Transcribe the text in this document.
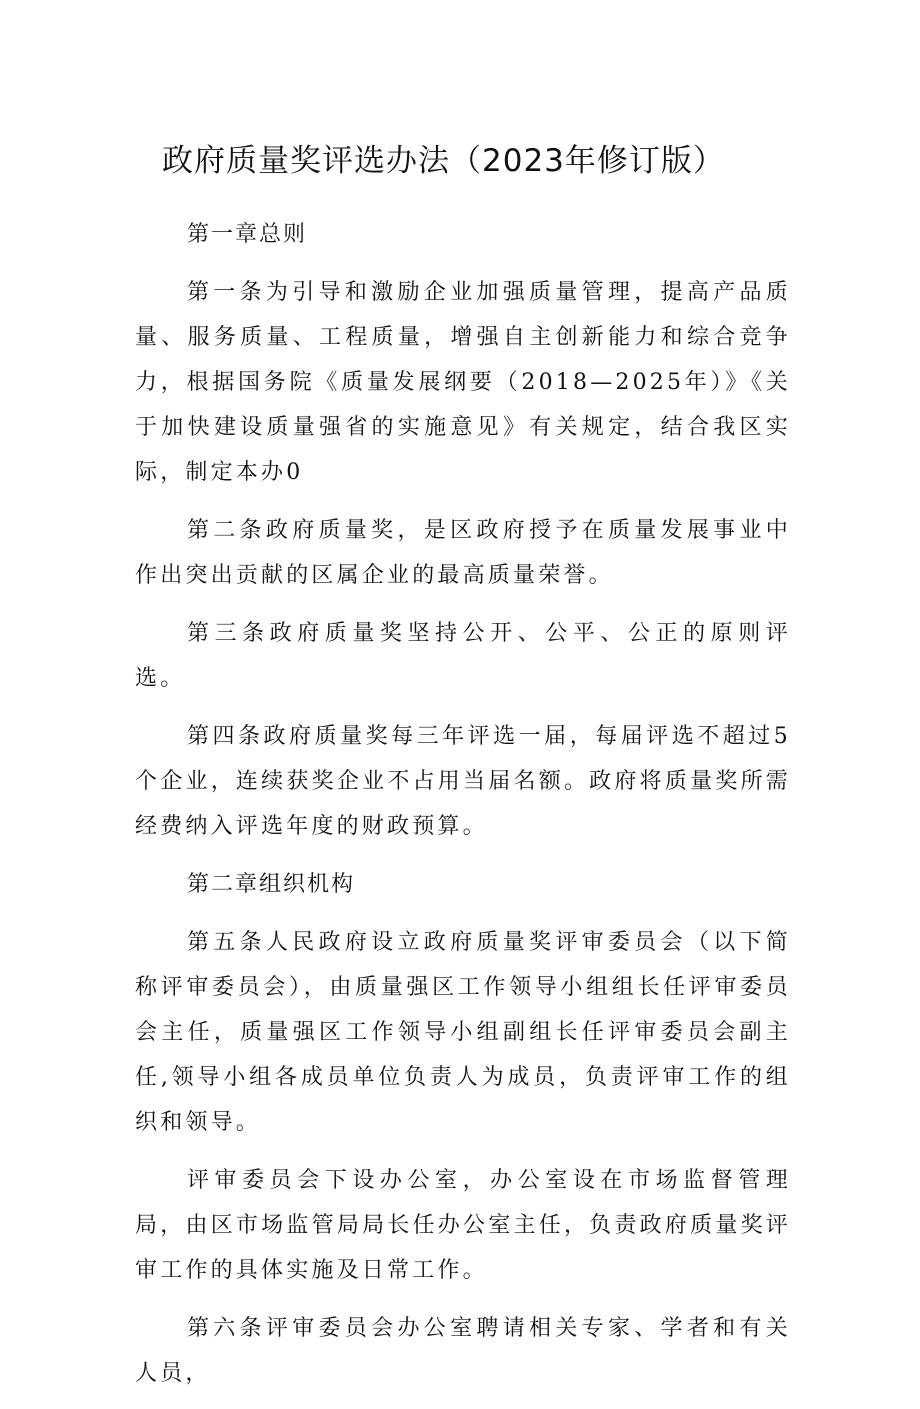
政府质量奖评选办法（2023年修订版）

第一章总则

第一条为引导和激励企业加强质量管理，提高产品质量、服务质量、工程质量，增强自主创新能力和综合竞争力，根据国务院《质量发展纲要（2018—2025年）》《关于加快建设质量强省的实施意见》有关规定，结合我区实际，制定本办0

第二条政府质量奖，是区政府授予在质量发展事业中作出突出贡献的区属企业的最高质量荣誉。

第三条政府质量奖坚持公开、公平、公正的原则评选。

第四条政府质量奖每三年评选一届，每届评选不超过5个企业，连续获奖企业不占用当届名额。政府将质量奖所需经费纳入评选年度的财政预算。

第二章组织机构

第五条人民政府设立政府质量奖评审委员会（以下简称评审委员会），由质量强区工作领导小组组长任评审委员会主任，质量强区工作领导小组副组长任评审委员会副主任,领导小组各成员单位负责人为成员，负责评审工作的组织和领导。

评审委员会下设办公室，办公室设在市场监督管理局，由区市场监管局局长任办公室主任，负责政府质量奖评审工作的具体实施及日常工作。

第六条评审委员会办公室聘请相关专家、学者和有关人员，
